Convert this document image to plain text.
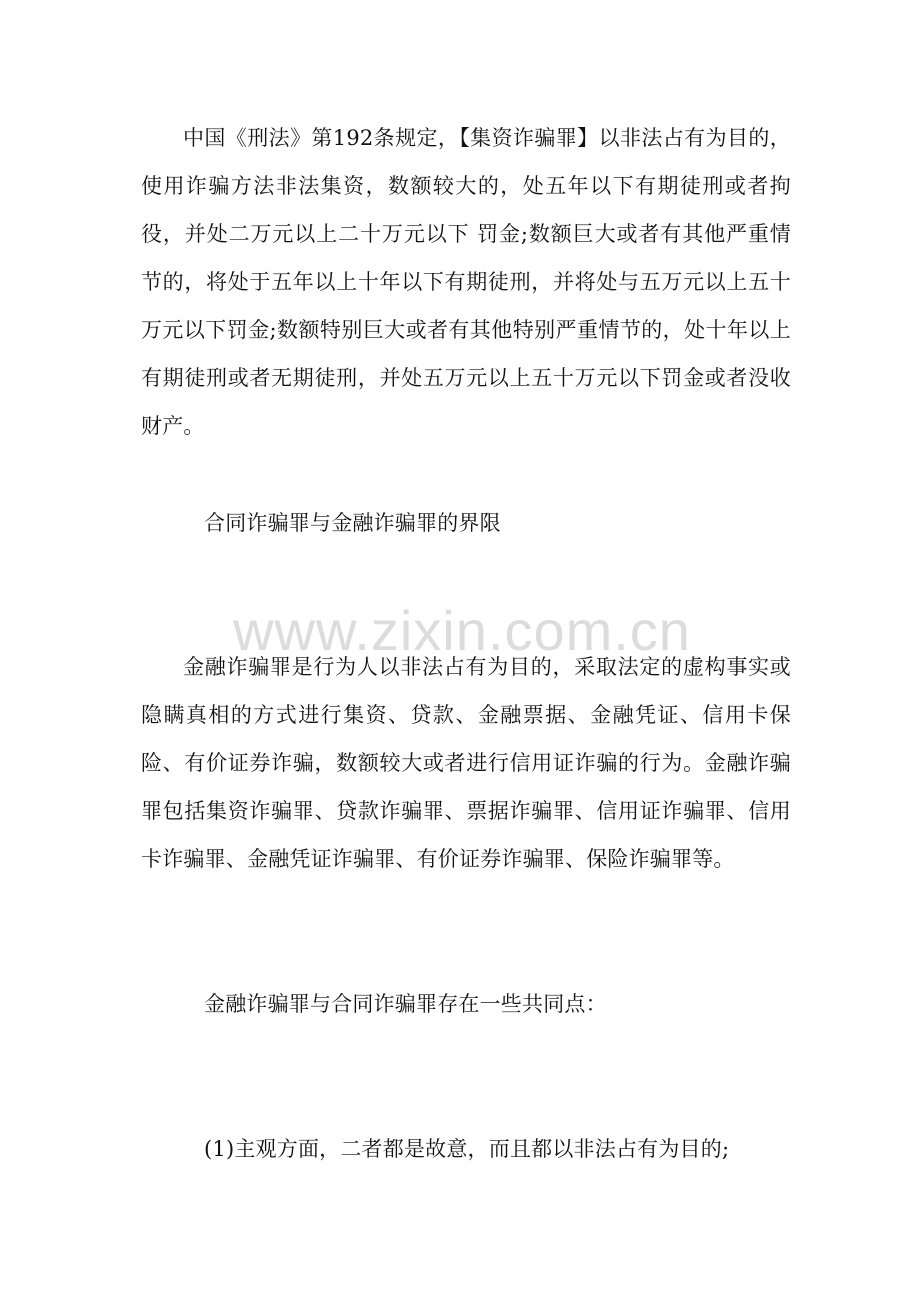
中国《刑法》第192条规定，【集资诈骗罪】以非法占有为目的，使用诈骗方法非法集资，数额较大的，处五年以下有期徒刑或者拘役，并处二万元以上二十万元以下 罚金;数额巨大或者有其他严重情节的，将处于五年以上十年以下有期徒刑，并将处与五万元以上五十万元以下罚金;数额特别巨大或者有其他特别严重情节的，处十年以上 有期徒刑或者无期徒刑，并处五万元以上五十万元以下罚金或者没收财产。

合同诈骗罪与金融诈骗罪的界限

www.zixin.com.cn

金融诈骗罪是行为人以非法占有为目的，采取法定的虚构事实或隐瞒真相的方式进行集资、贷款、金融票据、金融凭证、信用卡保险、有价证券诈骗，数额较大或者进行信用证诈骗的行为。金融诈骗罪包括集资诈骗罪、贷款诈骗罪、票据诈骗罪、信用证诈骗罪、信用卡诈骗罪、金融凭证诈骗罪、有价证券诈骗罪、保险诈骗罪等。

金融诈骗罪与合同诈骗罪存在一些共同点：

(1)主观方面，二者都是故意，而且都以非法占有为目的;
